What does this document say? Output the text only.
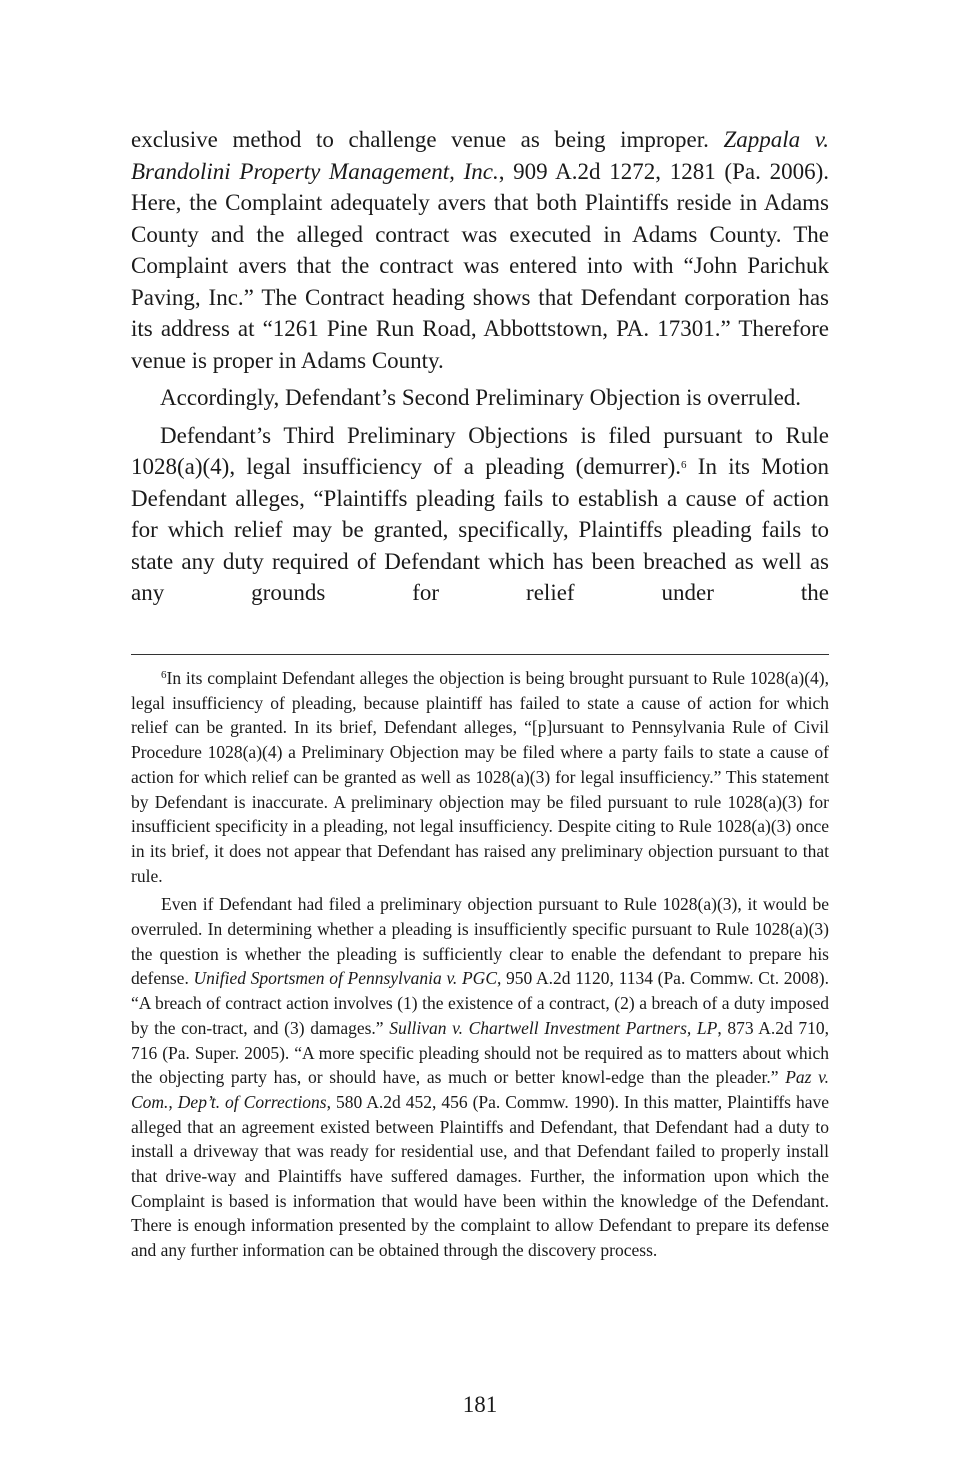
exclusive method to challenge venue as being improper. Zappala v. Brandolini Property Management, Inc., 909 A.2d 1272, 1281 (Pa. 2006). Here, the Complaint adequately avers that both Plaintiffs reside in Adams County and the alleged contract was executed in Adams County. The Complaint avers that the contract was entered into with “John Parichuk Paving, Inc.” The Contract heading shows that Defendant corporation has its address at “1261 Pine Run Road, Abbottstown, PA. 17301.” Therefore venue is proper in Adams County.

Accordingly, Defendant’s Second Preliminary Objection is overruled.

Defendant’s Third Preliminary Objections is filed pursuant to Rule 1028(a)(4), legal insufficiency of a pleading (demurrer).$^6$ In its Motion Defendant alleges, “Plaintiffs pleading fails to establish a cause of action for which relief may be granted, specifically, Plaintiffs pleading fails to state any duty required of Defendant which has been breached as well as any grounds for relief under the

$^6$In its complaint Defendant alleges the objection is being brought pursuant to Rule 1028(a)(4), legal insufficiency of pleading, because plaintiff has failed to state a cause of action for which relief can be granted. In its brief, Defendant alleges, “[p]ursuant to Pennsylvania Rule of Civil Procedure 1028(a)(4) a Preliminary Objection may be filed where a party fails to state a cause of action for which relief can be granted as well as 1028(a)(3) for legal insufficiency.” This statement by Defendant is inaccurate. A preliminary objection may be filed pursuant to rule 1028(a)(3) for insufficient specificity in a pleading, not legal insufficiency. Despite citing to Rule 1028(a)(3) once in its brief, it does not appear that Defendant has raised any preliminary objection pursuant to that rule.

Even if Defendant had filed a preliminary objection pursuant to Rule 1028(a)(3), it would be overruled. In determining whether a pleading is insufficiently specific pursuant to Rule 1028(a)(3) the question is whether the pleading is sufficiently clear to enable the defendant to prepare his defense. Unified Sportsmen of Pennsylvania v. PGC, 950 A.2d 1120, 1134 (Pa. Commw. Ct. 2008). “A breach of contract action involves (1) the existence of a contract, (2) a breach of a duty imposed by the con-tract, and (3) damages.” Sullivan v. Chartwell Investment Partners, LP, 873 A.2d 710, 716 (Pa. Super. 2005). “A more specific pleading should not be required as to matters about which the objecting party has, or should have, as much or better knowl-edge than the pleader.” Paz v. Com., Dep’t. of Corrections, 580 A.2d 452, 456 (Pa. Commw. 1990). In this matter, Plaintiffs have alleged that an agreement existed between Plaintiffs and Defendant, that Defendant had a duty to install a driveway that was ready for residential use, and that Defendant failed to properly install that drive-way and Plaintiffs have suffered damages. Further, the information upon which the Complaint is based is information that would have been within the knowledge of the Defendant. There is enough information presented by the complaint to allow Defendant to prepare its defense and any further information can be obtained through the discovery process.

181
